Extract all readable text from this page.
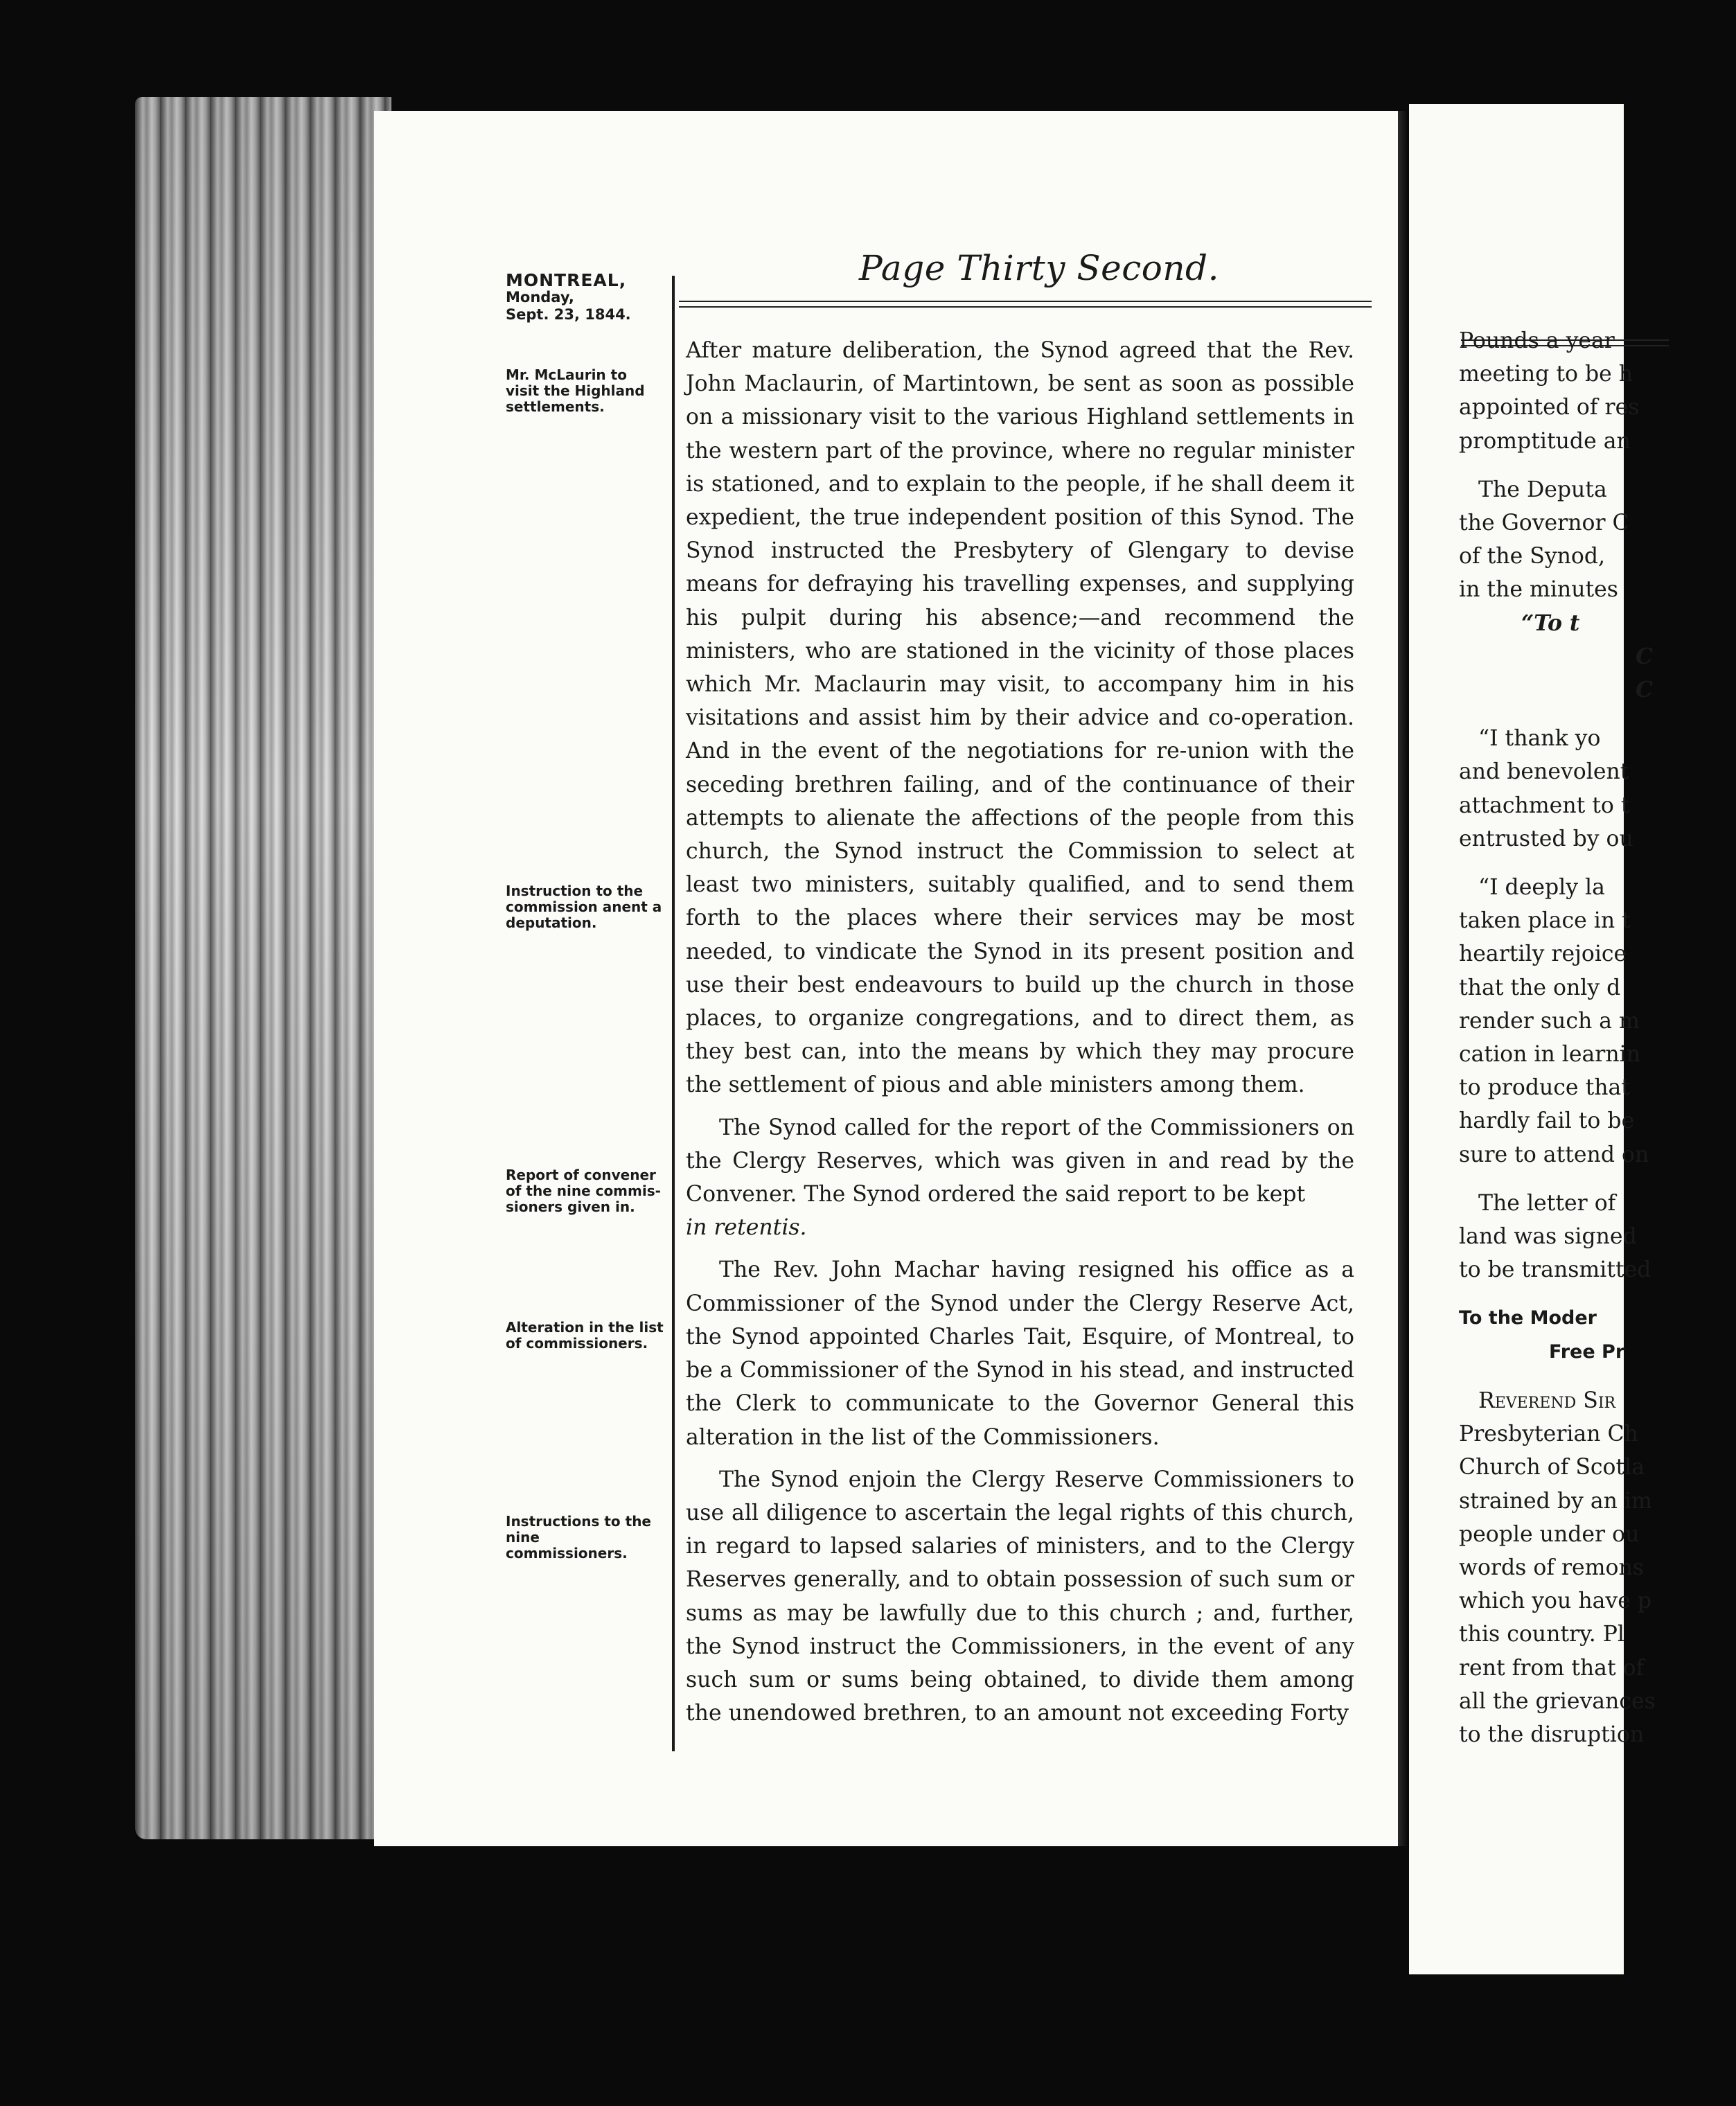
Pounds a year
meeting to be h
appointed of res
promptitude an
The Deputa
the Governor C
of the Synod,
in the minutes
“To t
C
C
“I thank yo
and benevolent
attachment to t
entrusted by ou
“I deeply la
taken place in t
heartily rejoice
that the only d
render such a m
cation in learnin
to produce that
hardly fail to be
sure to attend on
The letter of
land was signed
to be transmitted
To the Moder
Free Pr
Reverend Sir
Presbyterian Ch
Church of Scotla
strained by an im
people under ou
words of remons
which you have p
this country. Pl
rent from that of
all the grievances
to the disruption
Page Thirty Second.
MONTREAL,
Monday,
Sept. 23, 1844.
Mr. McLaurin to visit the Highland settlements.
Instruction to the commission anent a deputation.
Report of convener of the nine commis- sioners given in.
Alteration in the list of commissioners.
Instructions to the nine commissioners.

After mature deliberation, the Synod agreed that the Rev. John Maclaurin, of Martintown, be sent as soon as possible on a missionary visit to the various Highland settlements in the western part of the province, where no regular minister is stationed, and to explain to the people, if he shall deem it expedient, the true independent position of this Synod. The Synod instructed the Presbytery of Glengary to devise means for defraying his travelling expenses, and supplying his pulpit during his absence;—and recommend the ministers, who are stationed in the vicinity of those places which Mr. Maclaurin may visit, to accompany him in his visitations and assist him by their advice and co-operation. And in the event of the negotiations for re-union with the seceding brethren failing, and of the continuance of their attempts to alienate the affections of the people from this church, the Synod instruct the Commission to select at least two ministers, suitably qualified, and to send them forth to the places where their services may be most needed, to vindicate the Synod in its present position and use their best endeavours to build up the church in those places, to organize congregations, and to direct them, as they best can, into the means by which they may procure the settlement of pious and able ministers among them.

The Synod called for the report of the Commissioners on the Clergy Reserves, which was given in and read by the Convener. The Synod ordered the said report to be kept
in retentis.

The Rev. John Machar having resigned his office as a Commissioner of the Synod under the Clergy Reserve Act, the Synod appointed Charles Tait, Esquire, of Montreal, to be a Commissioner of the Synod in his stead, and instructed the Clerk to communicate to the Governor General this alteration in the list of the Commissioners.

The Synod enjoin the Clergy Reserve Commissioners to use all diligence to ascertain the legal rights of this church, in regard to lapsed salaries of ministers, and to the Clergy Reserves generally, and to obtain possession of such sum or sums as may be lawfully due to this church ; and, further, the Synod instruct the Commissioners, in the event of any such sum or sums being obtained, to divide them among the unendowed brethren, to an amount not exceeding Forty
